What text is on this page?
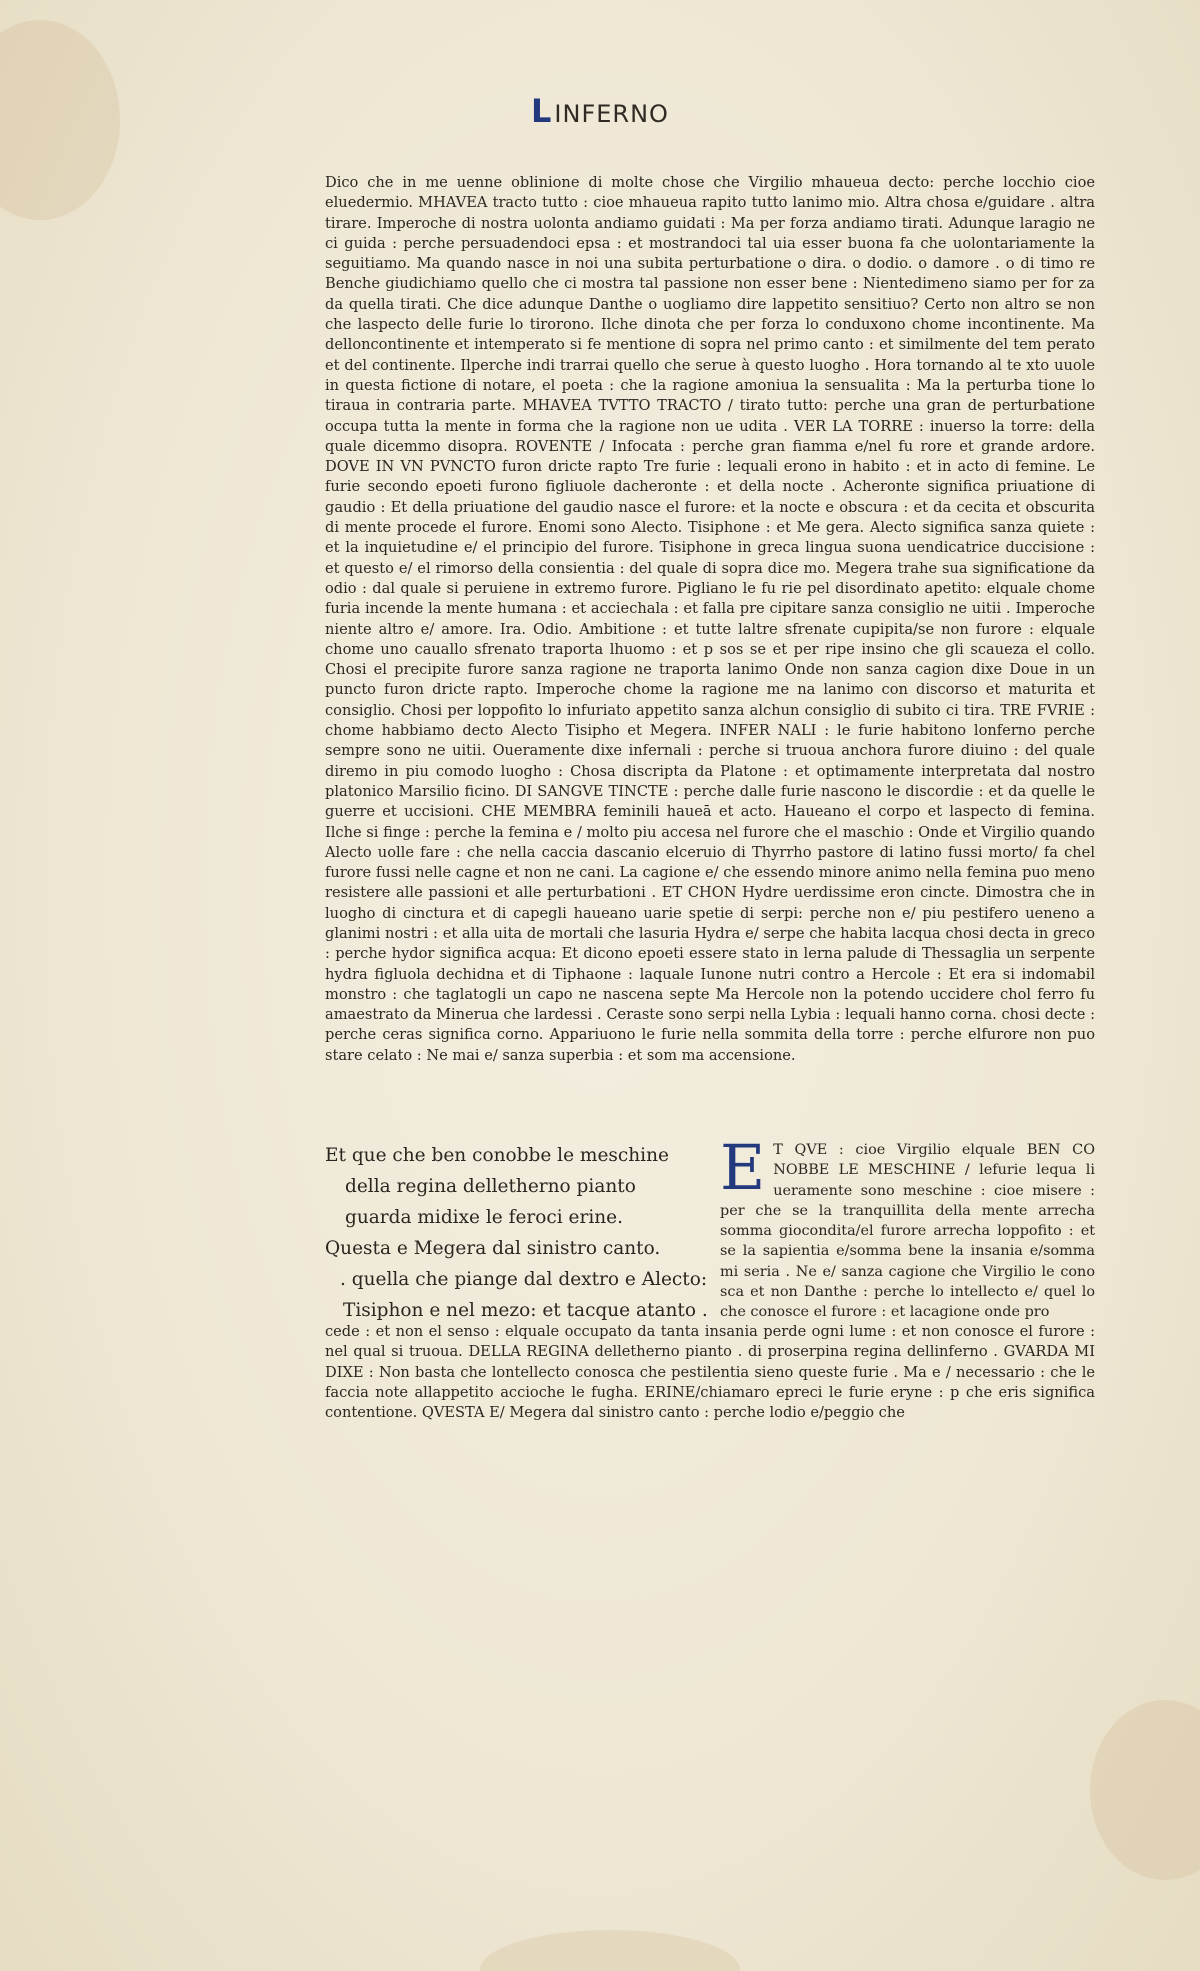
LINFERNO

Dico che in me uenne oblinione di molte chose che Virgilio mhaueua decto: perche locchio cioe eluedermio. MHAVEA tracto tutto : cioe mhaueua rapito tutto lanimo mio. Altra chosa e/guidare . altra tirare. Imperoche di nostra uolonta andiamo guidati : Ma per forza andiamo tirati. Adunque laragio ne ci guida : perche persuadendoci epsa : et mostrandoci tal uia esser buona fa che uolontariamente la seguitiamo. Ma quando nasce in noi una subita perturbatione o dira. o dodio. o damore . o di timo re Benche giudichiamo quello che ci mostra tal passione non esser bene : Nientedimeno siamo per for za da quella tirati. Che dice adunque Danthe o uogliamo dire lappetito sensitiuo? Certo non altro se non che laspecto delle furie lo tirorono. Ilche dinota che per forza lo conduxono chome incontinente. Ma delloncontinente et intemperato si fe mentione di sopra nel primo canto : et similmente del tem perato et del continente. Ilperche indi trarrai quello che serue à questo luogho . Hora tornando al te xto uuole in questa fictione di notare, el poeta : che la ragione amoniua la sensualita : Ma la perturba tione lo tiraua in contraria parte. MHAVEA TVTTO TRACTO / tirato tutto: perche una gran de perturbatione occupa tutta la mente in forma che la ragione non ue udita . VER LA TORRE : inuerso la torre: della quale dicemmo disopra. ROVENTE / Infocata : perche gran fiamma e/nel fu rore et grande ardore. DOVE IN VN PVNCTO furon dricte rapto Tre furie : lequali erono in habito : et in acto di femine. Le furie secondo epoeti furono figliuole dacheronte : et della nocte . Acheronte significa priuatione di gaudio : Et della priuatione del gaudio nasce el furore: et la nocte e obscura : et da cecita et obscurita di mente procede el furore. Enomi sono Alecto. Tisiphone : et Me gera. Alecto significa sanza quiete : et la inquietudine e/ el principio del furore. Tisiphone in greca lingua suona uendicatrice duccisione : et questo e/ el rimorso della consientia : del quale di sopra dice mo. Megera trahe sua significatione da odio : dal quale si peruiene in extremo furore. Pigliano le fu rie pel disordinato apetito: elquale chome furia incende la mente humana : et acciechala : et falla pre cipitare sanza consiglio ne uitii . Imperoche niente altro e/ amore. Ira. Odio. Ambitione : et tutte laltre sfrenate cupipita/se non furore : elquale chome uno cauallo sfrenato traporta lhuomo : et p sos se et per ripe insino che gli scaueza el collo. Chosi el precipite furore sanza ragione ne traporta lanimo Onde non sanza cagion dixe Doue in un puncto furon dricte rapto. Imperoche chome la ragione me na lanimo con discorso et maturita et consiglio. Chosi per loppofito lo infuriato appetito sanza alchun consiglio di subito ci tira. TRE FVRIE : chome habbiamo decto Alecto Tisipho et Megera. INFER NALI : le furie habitono lonferno perche sempre sono ne uitii. Oueramente dixe infernali : perche si truoua anchora furore diuino : del quale diremo in piu comodo luogho : Chosa discripta da Platone : et optimamente interpretata dal nostro platonico Marsilio ficino. DI SANGVE TINCTE : perche dalle furie nascono le discordie : et da quelle le guerre et uccisioni. CHE MEMBRA feminili haueā et acto. Haueano el corpo et laspecto di femina. Ilche si finge : perche la femina e / molto piu accesa nel furore che el maschio : Onde et Virgilio quando Alecto uolle fare : che nella caccia dascanio elceruio di Thyrrho pastore di latino fussi morto/ fa chel furore fussi nelle cagne et non ne cani. La cagione e/ che essendo minore animo nella femina puo meno resistere alle passioni et alle perturbationi . ET CHON Hydre uerdissime eron cincte. Dimostra che in luogho di cinctura et di capegli haueano uarie spetie di serpi: perche non e/ piu pestifero ueneno a glanimi nostri : et alla uita de mortali che lasuria Hydra e/ serpe che habita lacqua chosi decta in greco : perche hydor significa acqua: Et dicono epoeti essere stato in lerna palude di Thessaglia un serpente hydra figluola dechidna et di Tiphaone : laquale Iunone nutri contro a Hercole : Et era si indomabil monstro : che taglatogli un capo ne nascena septe Ma Hercole non la potendo uccidere chol ferro fu amaestrato da Minerua che lardessi . Ceraste sono serpi nella Lybia : lequali hanno corna. chosi decte : perche ceras significa corno. Appariuono le furie nella sommita della torre : perche elfurore non puo stare celato : Ne mai e/ sanza superbia : et som ma accensione.

Et que che ben conobbe le meschine
della regina delletherno pianto
guarda midixe le feroci erine.
Questa e Megera dal sinistro canto.
. quella che piange dal dextro e Alecto:
Tisiphon e nel mezo: et tacque atanto .

E T QVE : cioe Virgilio elquale BEN CO NOBBE LE MESCHINE / lefurie lequa li ueramente sono meschine : cioe misere : per che se la tranquillita della mente arrecha somma giocondita/el furore arrecha loppofito : et se la sapientia e/somma bene la insania e/somma mi seria . Ne e/ sanza cagione che Virgilio le cono sca et non Danthe : perche lo intellecto e/ quel lo che conosce el furore : et lacagione onde pro

cede : et non el senso : elquale occupato da tanta insania perde ogni lume : et non conosce el furore : nel qual si truoua. DELLA REGINA delletherno pianto . di proserpina regina dellinferno . GVARDA MI DIXE : Non basta che lontellecto conosca che pestilentia sieno queste furie . Ma e / necessario : che le faccia note allappetito accioche le fugha. ERINE/chiamaro epreci le furie eryne : p che eris significa contentione. QVESTA E/ Megera dal sinistro canto : perche lodio e/peggio che
